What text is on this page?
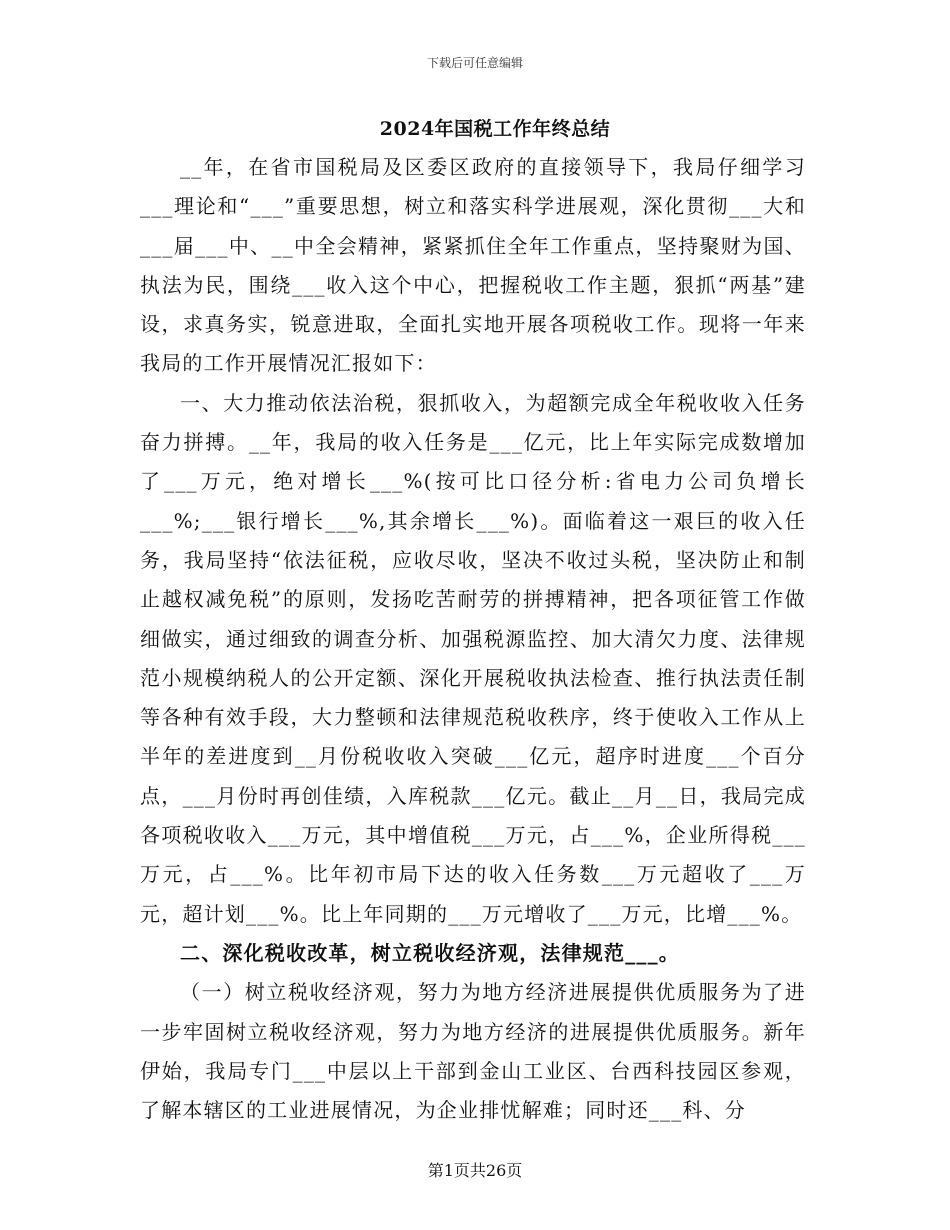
下载后可任意编辑
2024年国税工作年终总结

__年，在省市国税局及区委区政府的直接领导下，我局仔细学习___理论和“___”重要思想，树立和落实科学进展观，深化贯彻___大和___届___中、__中全会精神，紧紧抓住全年工作重点，坚持聚财为国、执法为民，围绕___收入这个中心，把握税收工作主题，狠抓“两基”建设，求真务实，锐意进取，全面扎实地开展各项税收工作。现将一年来我局的工作开展情况汇报如下：

一、大力推动依法治税，狠抓收入，为超额完成全年税收收入任务奋力拼搏。__年，我局的收入任务是___亿元，比上年实际完成数增加了___万元，绝对增长___%(按可比口径分析:省电力公司负增长___%;___银行增长___%,其余增长___%)。面临着这一艰巨的收入任务，我局坚持“依法征税，应收尽收，坚决不收过头税，坚决防止和制止越权减免税”的原则，发扬吃苦耐劳的拼搏精神，把各项征管工作做细做实，通过细致的调查分析、加强税源监控、加大清欠力度、法律规范小规模纳税人的公开定额、深化开展税收执法检查、推行执法责任制等各种有效手段，大力整顿和法律规范税收秩序，终于使收入工作从上半年的差进度到__月份税收收入突破___亿元，超序时进度___个百分点，___月份时再创佳绩，入库税款___亿元。截止__月__日，我局完成各项税收收入___万元，其中增值税___万元，占___%，企业所得税___万元，占___%。比年初市局下达的收入任务数___万元超收了___万元，超计划___%。比上年同期的___万元增收了___万元，比增___%。

二、深化税收改革，树立税收经济观，法律规范___。

（一）树立税收经济观，努力为地方经济进展提供优质服务为了进一步牢固树立税收经济观，努力为地方经济的进展提供优质服务。新年伊始，我局专门___中层以上干部到金山工业区、台西科技园区参观，了解本辖区的工业进展情况，为企业排忧解难；同时还___科、分

第1页共26页
